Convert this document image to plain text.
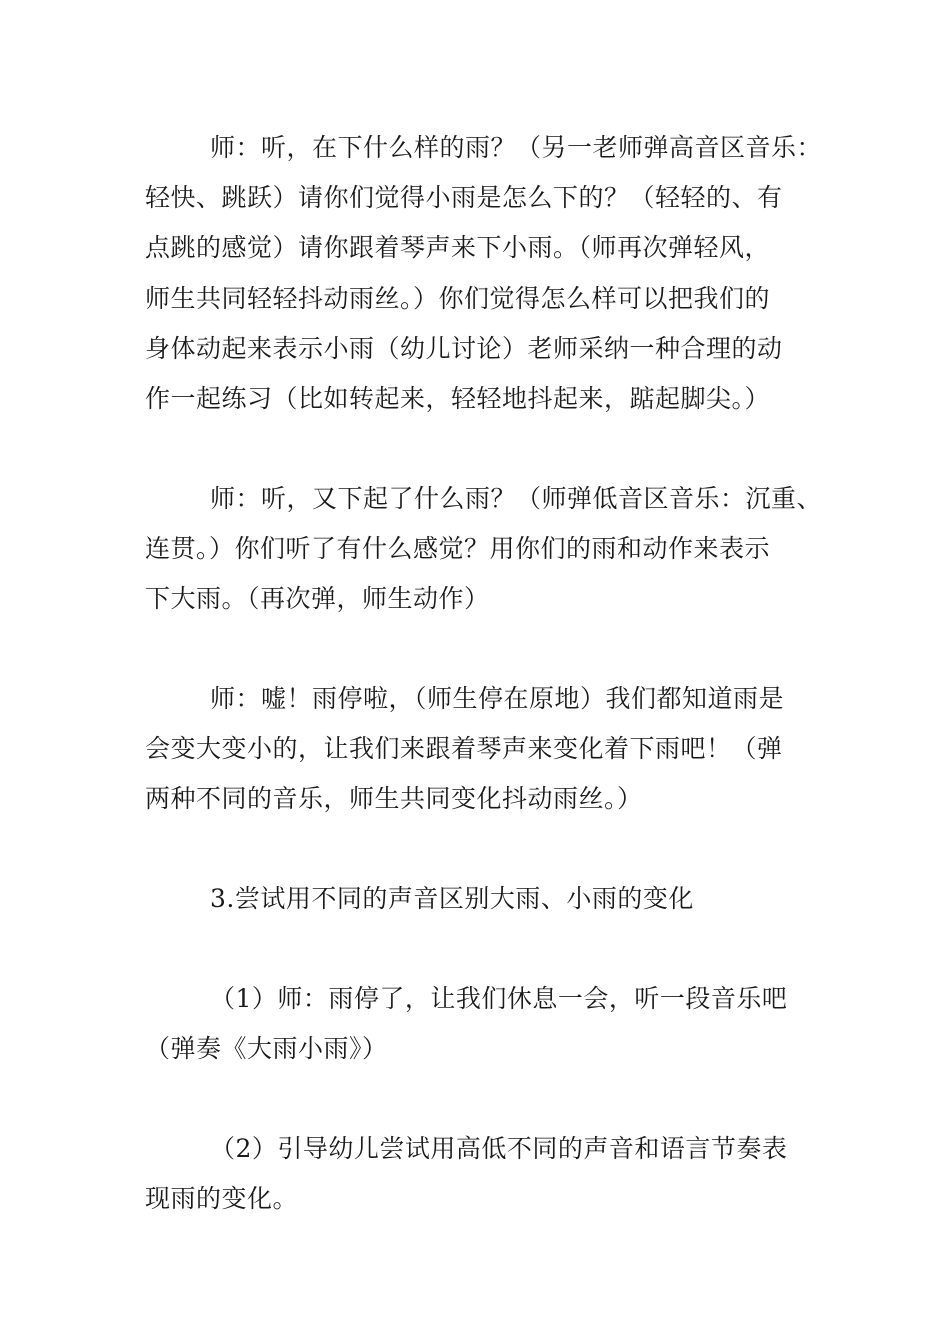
师：听，在下什么样的雨？（另一老师弹高音区音乐：
轻快、跳跃）请你们觉得小雨是怎么下的？（轻轻的、有
点跳的感觉）请你跟着琴声来下小雨。（师再次弹轻风，
师生共同轻轻抖动雨丝。）你们觉得怎么样可以把我们的
身体动起来表示小雨（幼儿讨论）老师采纳一种合理的动
作一起练习（比如转起来，轻轻地抖起来，踮起脚尖。）
师：听，又下起了什么雨？（师弹低音区音乐：沉重、
连贯。）你们听了有什么感觉？用你们的雨和动作来表示
下大雨。（再次弹，师生动作）
师：嘘！雨停啦，（师生停在原地）我们都知道雨是
会变大变小的，让我们来跟着琴声来变化着下雨吧！（弹
两种不同的音乐，师生共同变化抖动雨丝。）
3.尝试用不同的声音区别大雨、小雨的变化
（1）师：雨停了，让我们休息一会，听一段音乐吧
（弹奏《大雨小雨》）
（2）引导幼儿尝试用高低不同的声音和语言节奏表
现雨的变化。
